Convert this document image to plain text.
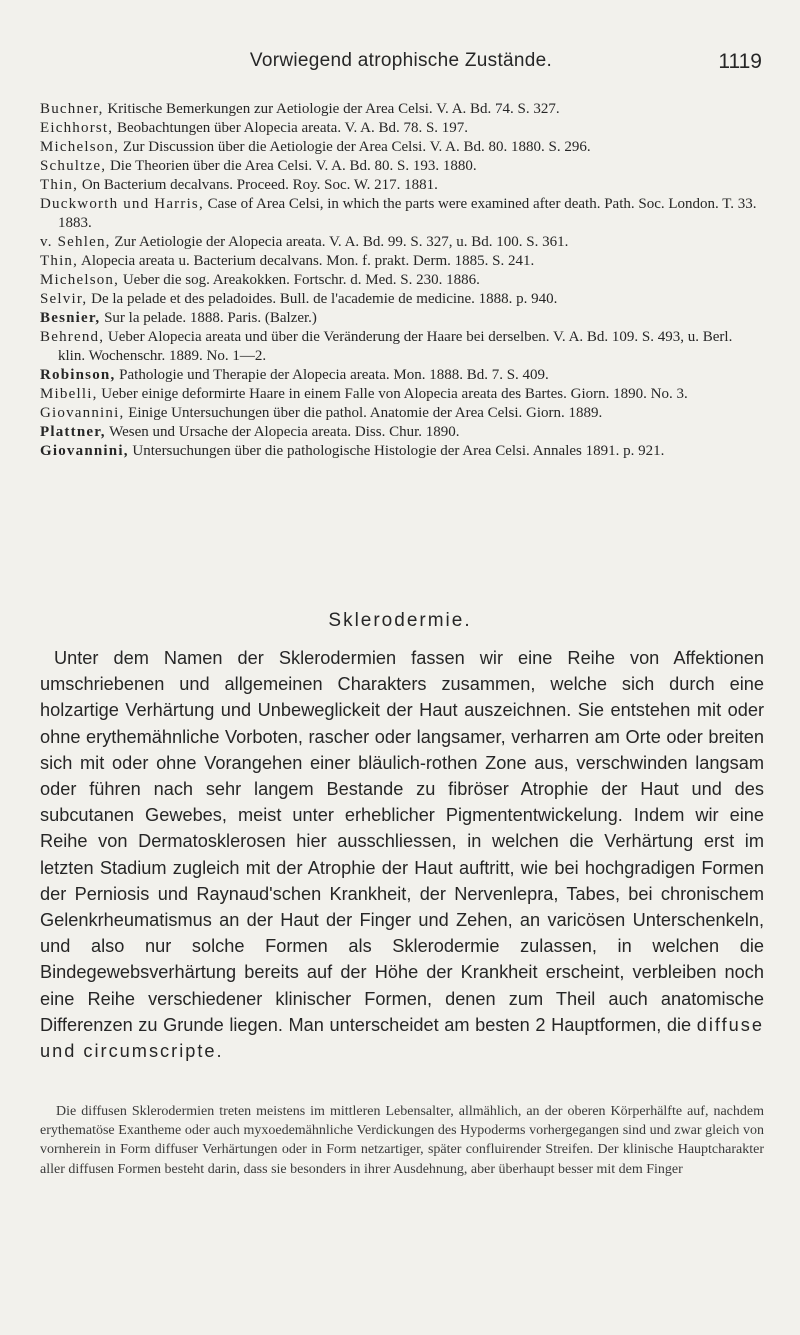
Vorwiegend atrophische Zustände.	1119
Buchner, Kritische Bemerkungen zur Aetiologie der Area Celsi. V. A. Bd. 74. S. 327.
Eichhorst, Beobachtungen über Alopecia areata. V. A. Bd. 78. S. 197.
Michelson, Zur Discussion über die Aetiologie der Area Celsi. V. A. Bd. 80. 1880. S. 296.
Schultze, Die Theorien über die Area Celsi. V. A. Bd. 80. S. 193. 1880.
Thin, On Bacterium decalvans. Proceed. Roy. Soc. W. 217. 1881.
Duckworth und Harris, Case of Area Celsi, in which the parts were examined after death. Path. Soc. London. T. 33. 1883.
v. Sehlen, Zur Aetiologie der Alopecia areata. V. A. Bd. 99. S. 327, u. Bd. 100. S. 361.
Thin, Alopecia areata u. Bacterium decalvans. Mon. f. prakt. Derm. 1885. S. 241.
Michelson, Ueber die sog. Areakokken. Fortschr. d. Med. S. 230. 1886.
Selvir, De la pelade et des peladoides. Bull. de l'academie de medicine. 1888. p. 940.
Besnier, Sur la pelade. 1888. Paris. (Balzer.)
Behrend, Ueber Alopecia areata und über die Veränderung der Haare bei derselben. V. A. Bd. 109. S. 493, u. Berl. klin. Wochenschr. 1889. No. 1—2.
Robinson, Pathologie und Therapie der Alopecia areata. Mon. 1888. Bd. 7. S. 409.
Mibelli, Ueber einige deformirte Haare in einem Falle von Alopecia areata des Bartes. Giorn. 1890. No. 3.
Giovannini, Einige Untersuchungen über die pathol. Anatomie der Area Celsi. Giorn. 1889.
Plattner, Wesen und Ursache der Alopecia areata. Diss. Chur. 1890.
Giovannini, Untersuchungen über die pathologische Histologie der Area Celsi. Annales 1891. p. 921.
Sklerodermie.

Unter dem Namen der Sklerodermien fassen wir eine Reihe von Affektionen umschriebenen und allgemeinen Charakters zusammen, welche sich durch eine holzartige Verhärtung und Unbeweglickeit der Haut auszeichnen. Sie entstehen mit oder ohne erythemähnliche Vorboten, rascher oder langsamer, verharren am Orte oder breiten sich mit oder ohne Vorangehen einer bläulich-rothen Zone aus, verschwinden langsam oder führen nach sehr langem Bestande zu fibröser Atrophie der Haut und des subcutanen Gewebes, meist unter erheblicher Pigmententwickelung. Indem wir eine Reihe von Dermatosklerosen hier ausschliessen, in welchen die Verhärtung erst im letzten Stadium zugleich mit der Atrophie der Haut auftritt, wie bei hochgradigen Formen der Perniosis und Raynaud'schen Krankheit, der Nervenlepra, Tabes, bei chronischem Gelenkrheumatismus an der Haut der Finger und Zehen, an varicösen Unterschenkeln, und also nur solche Formen als Sklerodermie zulassen, in welchen die Bindegewebsverhärtung bereits auf der Höhe der Krankheit erscheint, verbleiben noch eine Reihe verschiedener klinischer Formen, denen zum Theil auch anatomische Differenzen zu Grunde liegen. Man unterscheidet am besten 2 Hauptformen, die diffuse und circumscripte.

Die diffusen Sklerodermien treten meistens im mittleren Lebensalter, allmählich, an der oberen Körperhälfte auf, nachdem erythematöse Exantheme oder auch myxoedemähnliche Verdickungen des Hypoderms vorhergegangen sind und zwar gleich von vornherein in Form diffuser Verhärtungen oder in Form netzartiger, später confluirender Streifen. Der klinische Hauptcharakter aller diffusen Formen besteht darin, dass sie besonders in ihrer Ausdehnung, aber überhaupt besser mit dem Finger
